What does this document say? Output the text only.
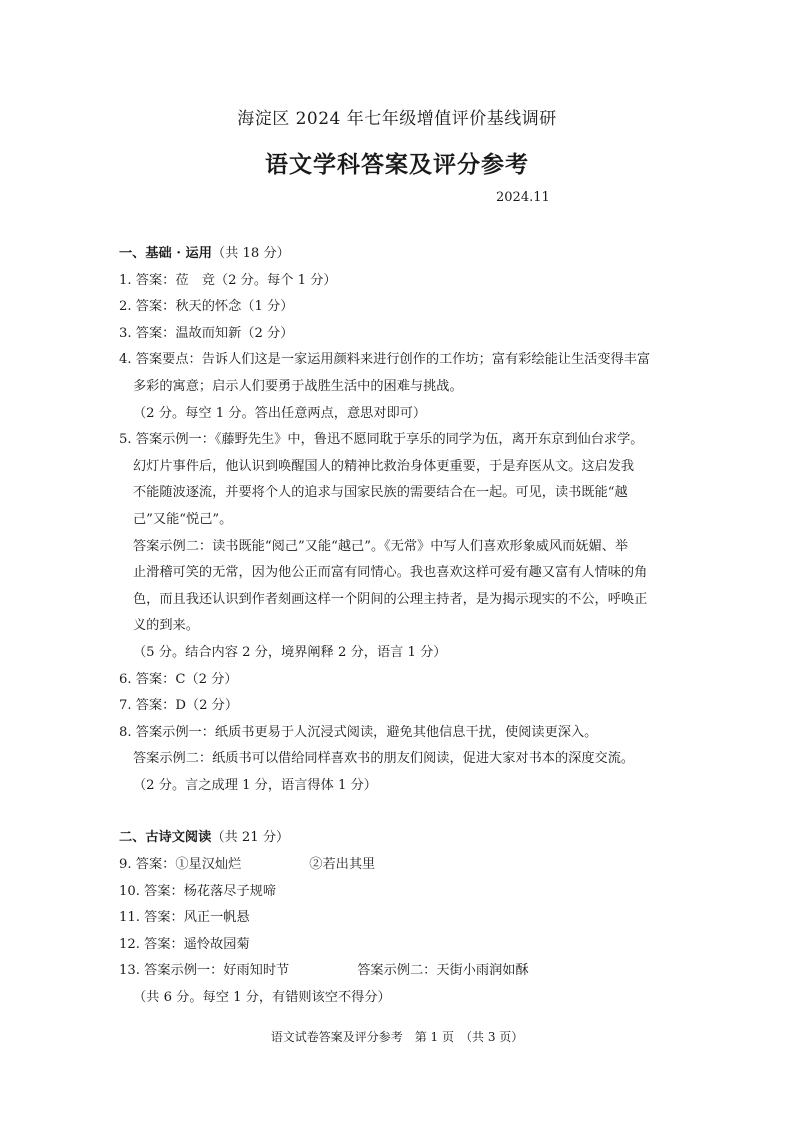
海淀区 2024 年七年级增值评价基线调研
语文学科答案及评分参考
2024.11
一、基础 · 运用（共 18 分）
1. 答案：莅　竞（2 分。每个 1 分）
2. 答案：秋天的怀念（1 分）
3. 答案：温故而知新（2 分）
4. 答案要点：告诉人们这是一家运用颜料来进行创作的工作坊；富有彩绘能让生活变得丰富
多彩的寓意；启示人们要勇于战胜生活中的困难与挑战。
（2 分。每空 1 分。答出任意两点，意思对即可）
5. 答案示例一：《藤野先生》中，鲁迅不愿同耽于享乐的同学为伍，离开东京到仙台求学。
幻灯片事件后，他认识到唤醒国人的精神比救治身体更重要，于是弃医从文。这启发我
不能随波逐流，并要将个人的追求与国家民族的需要结合在一起。可见，读书既能“越
己”又能“悦己”。
答案示例二：读书既能“阅己”又能“越己”。《无常》中写人们喜欢形象威风而妩媚、举
止滑稽可笑的无常，因为他公正而富有同情心。我也喜欢这样可爱有趣又富有人情味的角
色，而且我还认识到作者刻画这样一个阴间的公理主持者，是为揭示现实的不公，呼唤正
义的到来。
（5 分。结合内容 2 分，境界阐释 2 分，语言 1 分）
6. 答案：C（2 分）
7. 答案：D（2 分）
8. 答案示例一：纸质书更易于人沉浸式阅读，避免其他信息干扰，使阅读更深入。
答案示例二：纸质书可以借给同样喜欢书的朋友们阅读，促进大家对书本的深度交流。
（2 分。言之成理 1 分，语言得体 1 分）
二、古诗文阅读（共 21 分）
9. 答案：①星汉灿烂	②若出其里
10. 答案：杨花落尽子规啼
11. 答案：风正一帆悬
12. 答案：遥怜故园菊
13. 答案示例一：好雨知时节	答案示例二：天街小雨润如酥
（共 6 分。每空 1 分，有错则该空不得分）
语文试卷答案及评分参考　第 1 页　（共 3 页）
